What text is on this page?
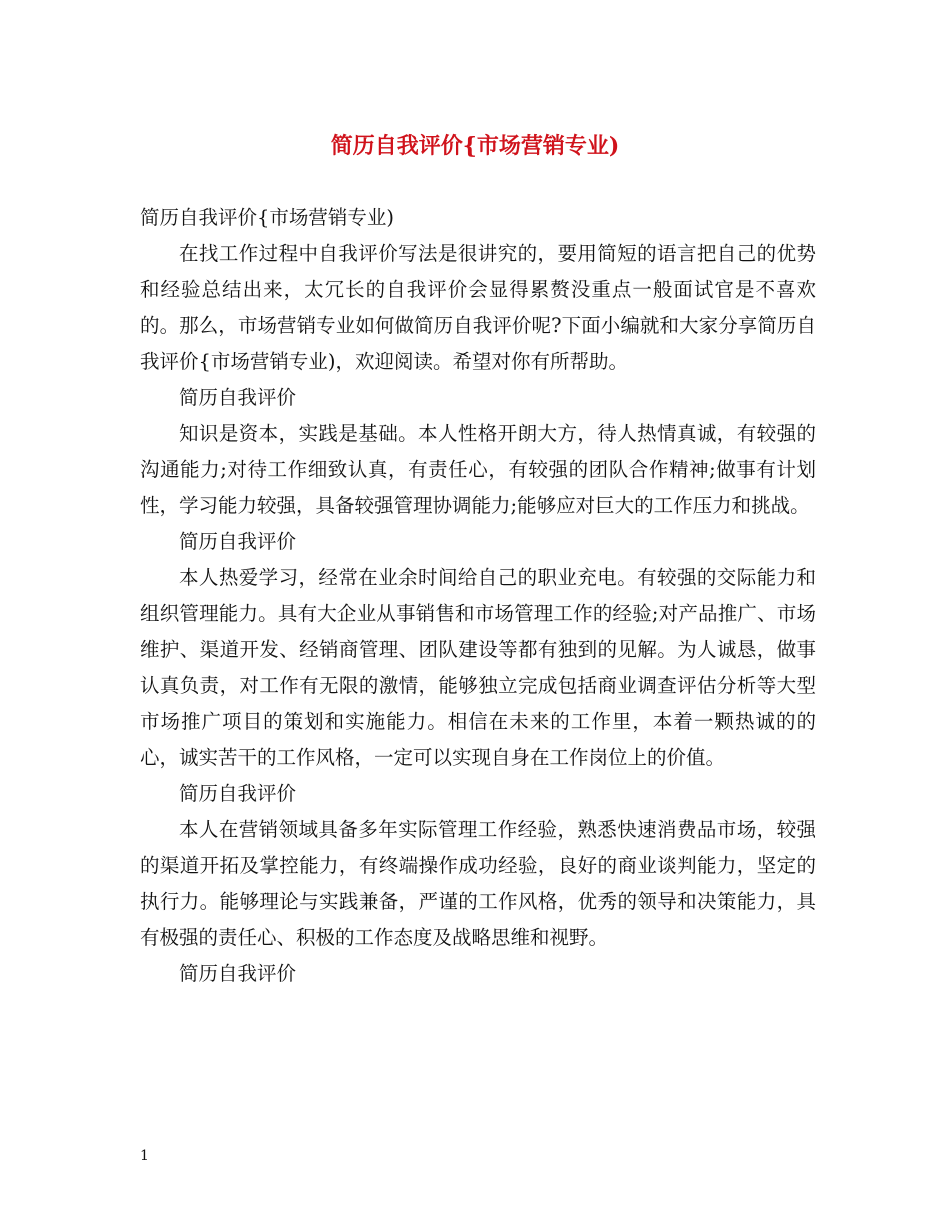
简历自我评价{市场营销专业)

简历自我评价{市场营销专业)

在找工作过程中自我评价写法是很讲究的，要用简短的语言把自己的优势和经验总结出来，太冗长的自我评价会显得累赘没重点一般面试官是不喜欢的。那么，市场营销专业如何做简历自我评价呢?下面小编就和大家分享简历自我评价{市场营销专业)，欢迎阅读。希望对你有所帮助。

简历自我评价

知识是资本，实践是基础。本人性格开朗大方，待人热情真诚，有较强的沟通能力;对待工作细致认真，有责任心，有较强的团队合作精神;做事有计划性，学习能力较强，具备较强管理协调能力;能够应对巨大的工作压力和挑战。

简历自我评价

本人热爱学习，经常在业余时间给自己的职业充电。有较强的交际能力和组织管理能力。具有大企业从事销售和市场管理工作的经验;对产品推广、市场维护、渠道开发、经销商管理、团队建设等都有独到的见解。为人诚恳，做事认真负责，对工作有无限的激情，能够独立完成包括商业调查评估分析等大型市场推广项目的策划和实施能力。相信在未来的工作里，本着一颗热诚的的心，诚实苦干的工作风格，一定可以实现自身在工作岗位上的价值。

简历自我评价

本人在营销领域具备多年实际管理工作经验，熟悉快速消费品市场，较强的渠道开拓及掌控能力，有终端操作成功经验，良好的商业谈判能力，坚定的执行力。能够理论与实践兼备，严谨的工作风格，优秀的领导和决策能力，具有极强的责任心、积极的工作态度及战略思维和视野。

简历自我评价

1
